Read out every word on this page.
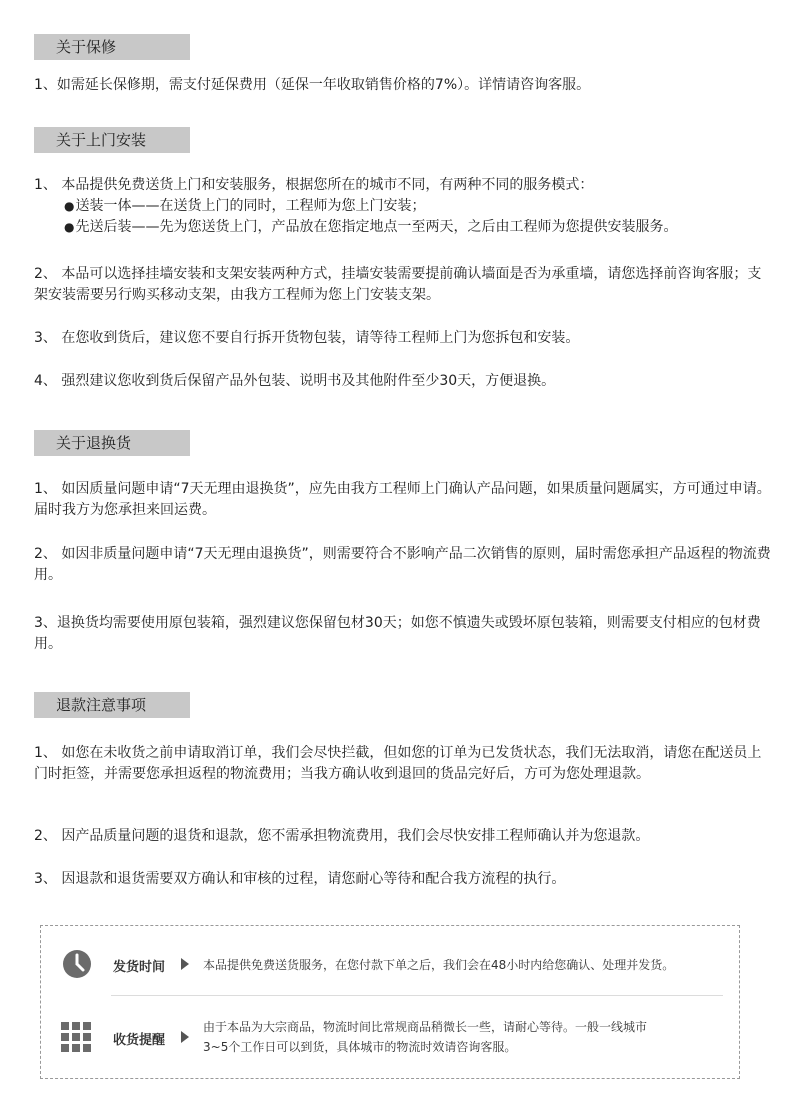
关于保修
1、如需延长保修期，需支付延保费用（延保一年收取销售价格的7%）。详情请咨询客服。
关于上门安装
1、 本品提供免费送货上门和安装服务，根据您所在的城市不同，有两种不同的服务模式：
● 送装一体——在送货上门的同时，工程师为您上门安装；
● 先送后装——先为您送货上门，产品放在您指定地点一至两天，之后由工程师为您提供安装服务。
2、 本品可以选择挂墙安装和支架安装两种方式，挂墙安装需要提前确认墙面是否为承重墙，请您选择前咨询客服；支架安装需要另行购买移动支架，由我方工程师为您上门安装支架。
3、 在您收到货后，建议您不要自行拆开货物包装，请等待工程师上门为您拆包和安装。
4、 强烈建议您收到货后保留产品外包装、说明书及其他附件至少30天，方便退换。
关于退换货
1、 如因质量问题申请“7天无理由退换货”，应先由我方工程师上门确认产品问题，如果质量问题属实，方可通过申请。届时我方为您承担来回运费。
2、 如因非质量问题申请“7天无理由退换货”，则需要符合不影响产品二次销售的原则，届时需您承担产品返程的物流费用。
3、退换货均需要使用原包装箱，强烈建议您保留包材30天；如您不慎遗失或毁坏原包装箱，则需要支付相应的包材费用。
退款注意事项
1、 如您在未收货之前申请取消订单，我们会尽快拦截，但如您的订单为已发货状态，我们无法取消，请您在配送员上门时拒签，并需要您承担返程的物流费用；当我方确认收到退回的货品完好后，方可为您处理退款。
2、 因产品质量问题的退货和退款，您不需承担物流费用，我们会尽快安排工程师确认并为您退款。
3、 因退款和退货需要双方确认和审核的过程，请您耐心等待和配合我方流程的执行。
发货时间	本品提供免费送货服务，在您付款下单之后，我们会在48小时内给您确认、处理并发货。
收货提醒
由于本品为大宗商品，物流时间比常规商品稍微长一些，请耐心等待。一般一线城市
3~5个工作日可以到货，具体城市的物流时效请咨询客服。
